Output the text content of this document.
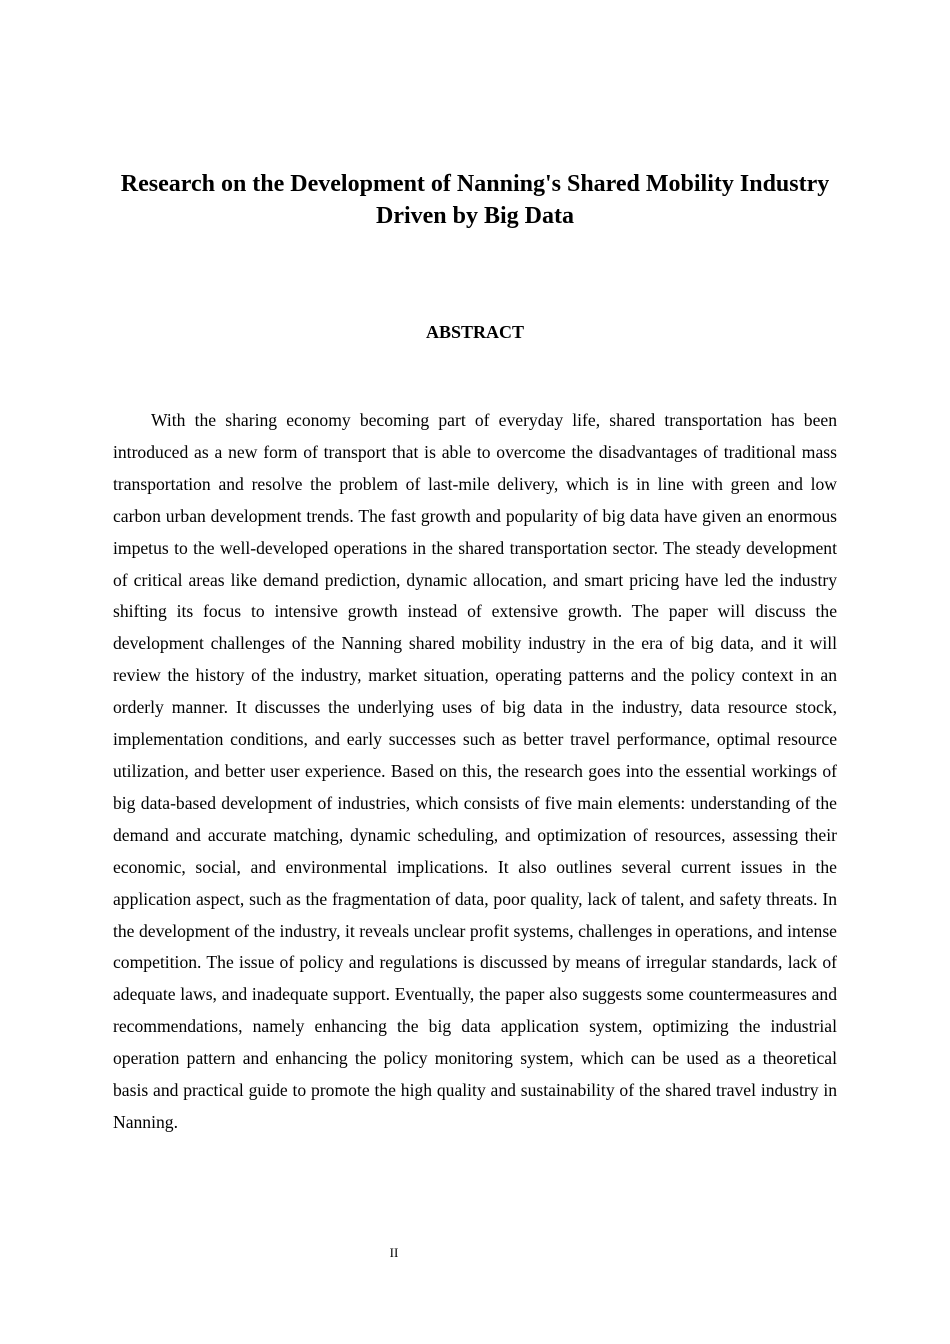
Research on the Development of Nanning's Shared Mobility Industry Driven by Big Data
ABSTRACT

With the sharing economy becoming part of everyday life, shared transportation has been introduced as a new form of transport that is able to overcome the disadvantages of traditional mass transportation and resolve the problem of last-mile delivery, which is in line with green and low carbon urban development trends. The fast growth and popularity of big data have given an enormous impetus to the well-developed operations in the shared transportation sector. The steady development of critical areas like demand prediction, dynamic allocation, and smart pricing have led the industry shifting its focus to intensive growth instead of extensive growth. The paper will discuss the development challenges of the Nanning shared mobility industry in the era of big data, and it will review the history of the industry, market situation, operating patterns and the policy context in an orderly manner. It discusses the underlying uses of big data in the industry, data resource stock, implementation conditions, and early successes such as better travel performance, optimal resource utilization, and better user experience. Based on this, the research goes into the essential workings of big data-based development of industries, which consists of five main elements: understanding of the demand and accurate matching, dynamic scheduling, and optimization of resources, assessing their economic, social, and environmental implications. It also outlines several current issues in the application aspect, such as the fragmentation of data, poor quality, lack of talent, and safety threats. In the development of the industry, it reveals unclear profit systems, challenges in operations, and intense competition. The issue of policy and regulations is discussed by means of irregular standards, lack of adequate laws, and inadequate support. Eventually, the paper also suggests some countermeasures and recommendations, namely enhancing the big data application system, optimizing the industrial operation pattern and enhancing the policy monitoring system, which can be used as a theoretical basis and practical guide to promote the high quality and sustainability of the shared travel industry in Nanning.

II
